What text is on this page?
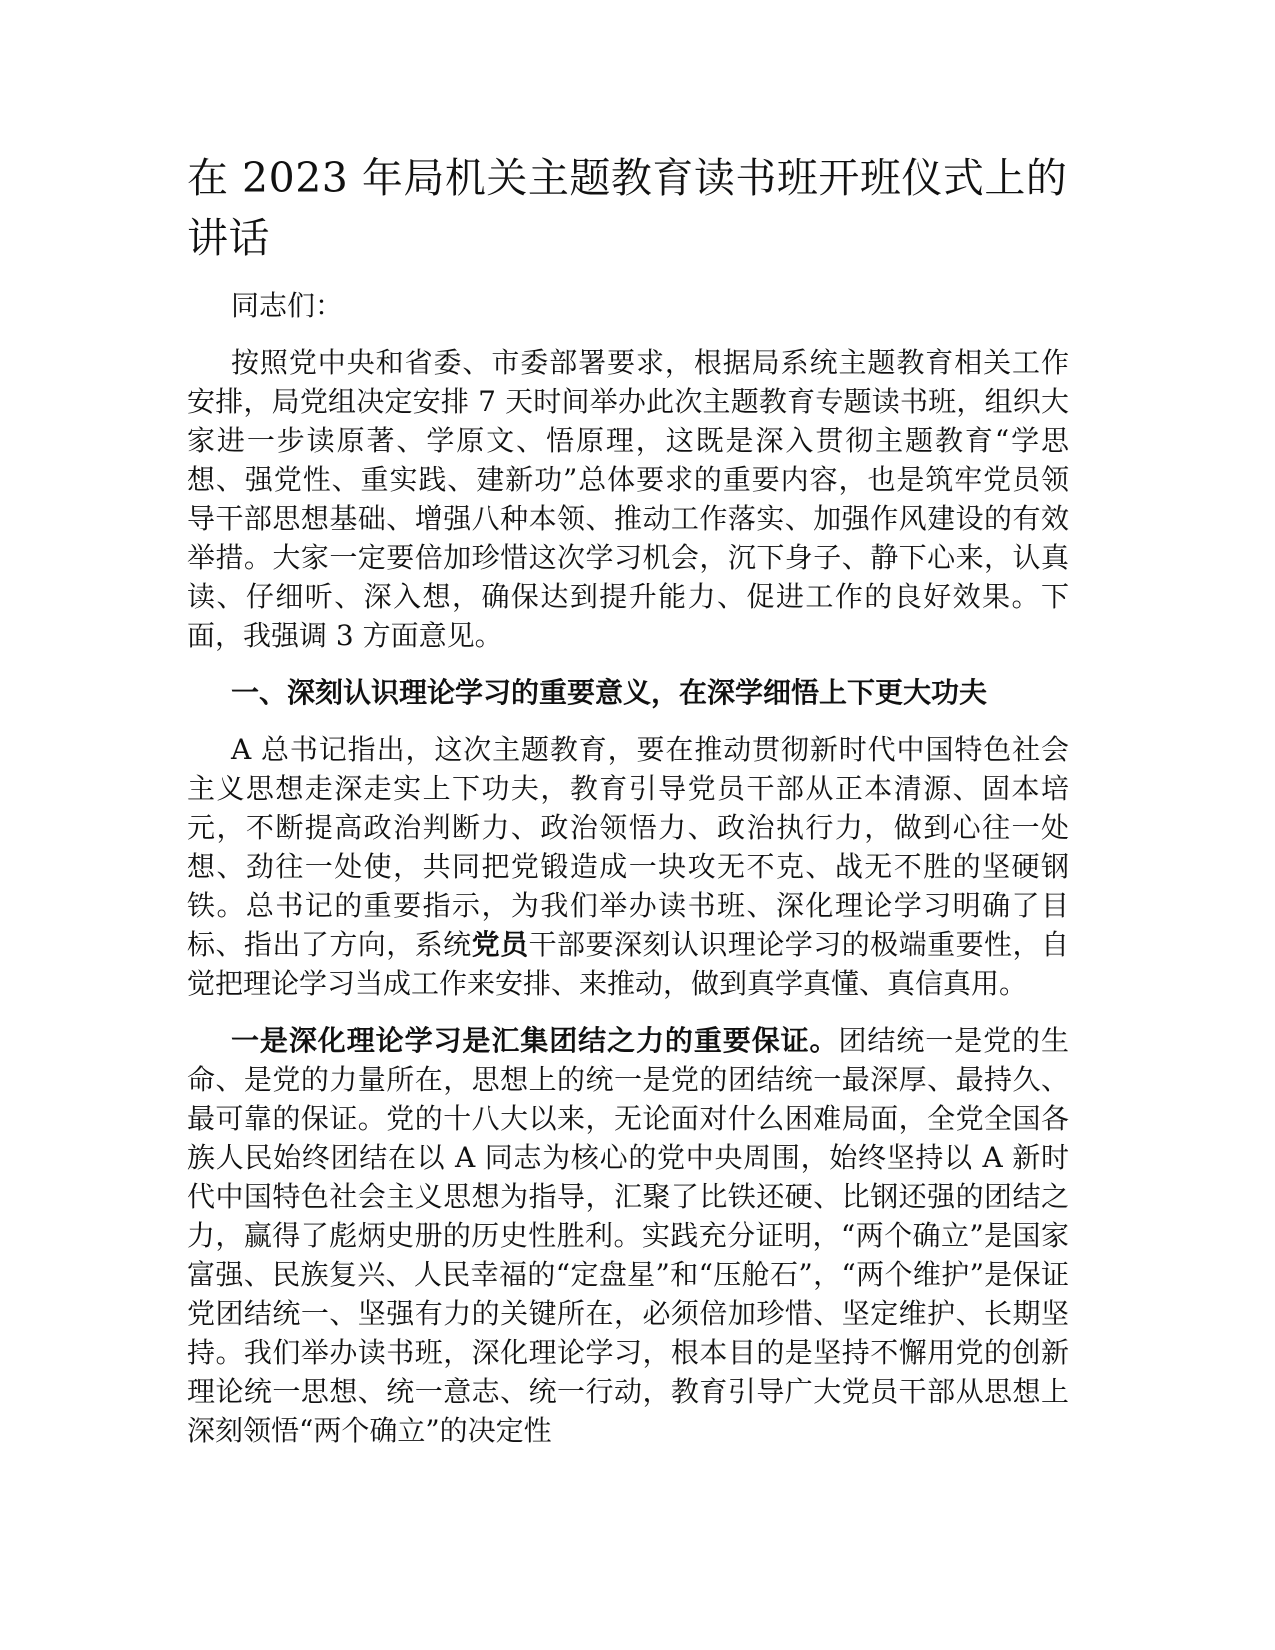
在 2023 年局机关主题教育读书班开班仪式上的讲话

同志们：

按照党中央和省委、市委部署要求，根据局系统主题教育相关工作安排，局党组决定安排 7 天时间举办此次主题教育专题读书班，组织大家进一步读原著、学原文、悟原理，这既是深入贯彻主题教育“学思想、强党性、重实践、建新功”总体要求的重要内容，也是筑牢党员领导干部思想基础、增强八种本领、推动工作落实、加强作风建设的有效举措。大家一定要倍加珍惜这次学习机会，沉下身子、静下心来，认真读、仔细听、深入想，确保达到提升能力、促进工作的良好效果。下面，我强调 3 方面意见。

一、深刻认识理论学习的重要意义，在深学细悟上下更大功夫

A 总书记指出，这次主题教育，要在推动贯彻新时代中国特色社会主义思想走深走实上下功夫，教育引导党员干部从正本清源、固本培元，不断提高政治判断力、政治领悟力、政治执行力，做到心往一处想、劲往一处使，共同把党锻造成一块攻无不克、战无不胜的坚硬钢铁。总书记的重要指示，为我们举办读书班、深化理论学习明确了目标、指出了方向，系统党员干部要深刻认识理论学习的极端重要性，自觉把理论学习当成工作来安排、来推动，做到真学真懂、真信真用。

一是深化理论学习是汇集团结之力的重要保证。团结统一是党的生命、是党的力量所在，思想上的统一是党的团结统一最深厚、最持久、最可靠的保证。党的十八大以来，无论面对什么困难局面，全党全国各族人民始终团结在以 A 同志为核心的党中央周围，始终坚持以 A 新时代中国特色社会主义思想为指导，汇聚了比铁还硬、比钢还强的团结之力，赢得了彪炳史册的历史性胜利。实践充分证明，“两个确立”是国家富强、民族复兴、人民幸福的“定盘星”和“压舱石”，“两个维护”是保证党团结统一、坚强有力的关键所在，必须倍加珍惜、坚定维护、长期坚持。我们举办读书班，深化理论学习，根本目的是坚持不懈用党的创新理论统一思想、统一意志、统一行动，教育引导广大党员干部从思想上深刻领悟“两个确立”的决定性
